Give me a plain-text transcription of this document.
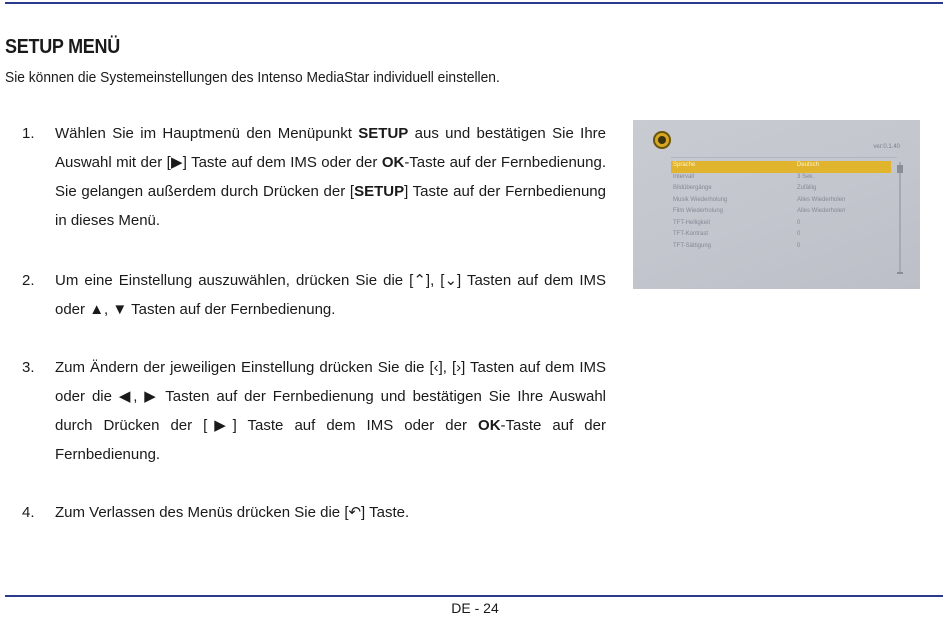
SETUP MENÜ
Sie können die Systemeinstellungen des Intenso MediaStar individuell einstellen.
1. Wählen Sie im Hauptmenü den Menüpunkt SETUP aus und bestätigen Sie Ihre Auswahl mit der [▶] Taste auf dem IMS oder der OK-Taste auf der Fernbedienung. Sie gelangen außerdem durch Drücken der [SETUP] Taste auf der Fernbedienung in dieses Menü.
2. Um eine Einstellung auszuwählen, drücken Sie die [⌃], [⌄] Tasten auf dem IMS oder ▲, ▼ Tasten auf der Fernbedienung.
3. Zum Ändern der jeweiligen Einstellung drücken Sie die [‹], [›] Tasten auf dem IMS oder die ◀, ▶ Tasten auf der Fernbedienung und bestätigen Sie Ihre Auswahl durch Drücken der [▶] Taste auf dem IMS oder der OK-Taste auf der Fernbedienung.
4. Zum Verlassen des Menüs drücken Sie die [↶] Taste.
ver:0.1.40
Sprache	Deutsch
Intervall	3 Sek.
Bildübergänge	Zufällig
Musik Wiederholung	Alles Wiederholen
Film Wiederholung	Alles Wiederholen
TFT-Helligkeit	0
TFT-Kontrast	0
TFT-Sättigung	0
DE - 24
